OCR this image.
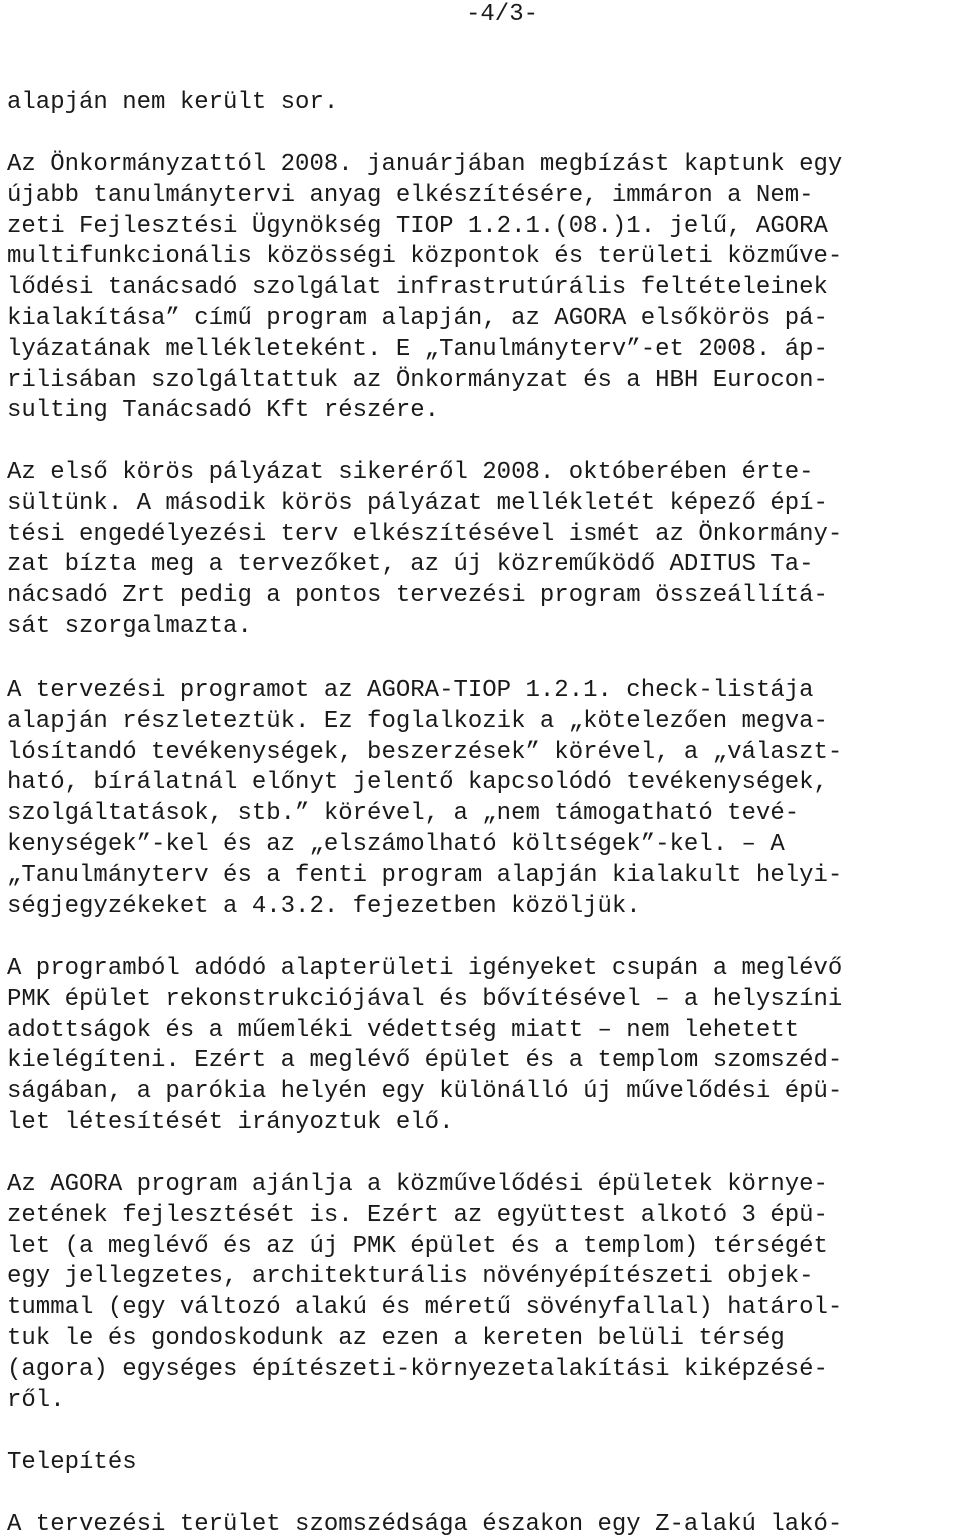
-4/3-
alapján nem került sor.
Az Önkormányzattól 2008. januárjában megbízást kaptunk egy
újabb tanulmánytervi anyag elkészítésére, immáron a Nem-
zeti Fejlesztési Ügynökség TIOP 1.2.1.(08.)1. jelű, AGORA
multifunkcionális közösségi központok és területi közműve-
lődési tanácsadó szolgálat infrastrutúrális feltételeinek
kialakítása” című program alapján, az AGORA elsőkörös pá-
lyázatának mellékleteként. E „Tanulmányterv”-et 2008. áp-
rilisában szolgáltattuk az Önkormányzat és a HBH Eurocon-
sulting Tanácsadó Kft részére.
Az első körös pályázat sikeréről 2008. októberében érte-
sültünk. A második körös pályázat mellékletét képező épí-
tési engedélyezési terv elkészítésével ismét az Önkormány-
zat bízta meg a tervezőket, az új közreműködő ADITUS Ta-
nácsadó Zrt pedig a pontos tervezési program összeállítá-
sát szorgalmazta.
A tervezési programot az AGORA-TIOP 1.2.1. check-listája
alapján részleteztük. Ez foglalkozik a „kötelezően megva-
lósítandó tevékenységek, beszerzések” körével, a „választ-
ható, bírálatnál előnyt jelentő kapcsolódó tevékenységek,
szolgáltatások, stb.” körével, a „nem támogatható tevé-
kenységek”-kel és az „elszámolható költségek”-kel. – A
„Tanulmányterv és a fenti program alapján kialakult helyi-
ségjegyzékeket a 4.3.2. fejezetben közöljük.
A programból adódó alapterületi igényeket csupán a meglévő
PMK épület rekonstrukciójával és bővítésével – a helyszíni
adottságok és a műemléki védettség miatt – nem lehetett
kielégíteni. Ezért a meglévő épület és a templom szomszéd-
ságában, a parókia helyén egy különálló új művelődési épü-
let létesítését irányoztuk elő.
Az AGORA program ajánlja a közművelődési épületek környe-
zetének fejlesztését is. Ezért az együttest alkotó 3 épü-
let (a meglévő és az új PMK épület és a templom) térségét
egy jellegzetes, architekturális növényépítészeti objek-
tummal (egy változó alakú és méretű sövényfallal) határol-
tuk le és gondoskodunk az ezen a kereten belüli térség
(agora) egységes építészeti-környezetalakítási kiképzésé-
ről.
Telepítés
A tervezési terület szomszédsága északon egy Z-alakú lakó-
